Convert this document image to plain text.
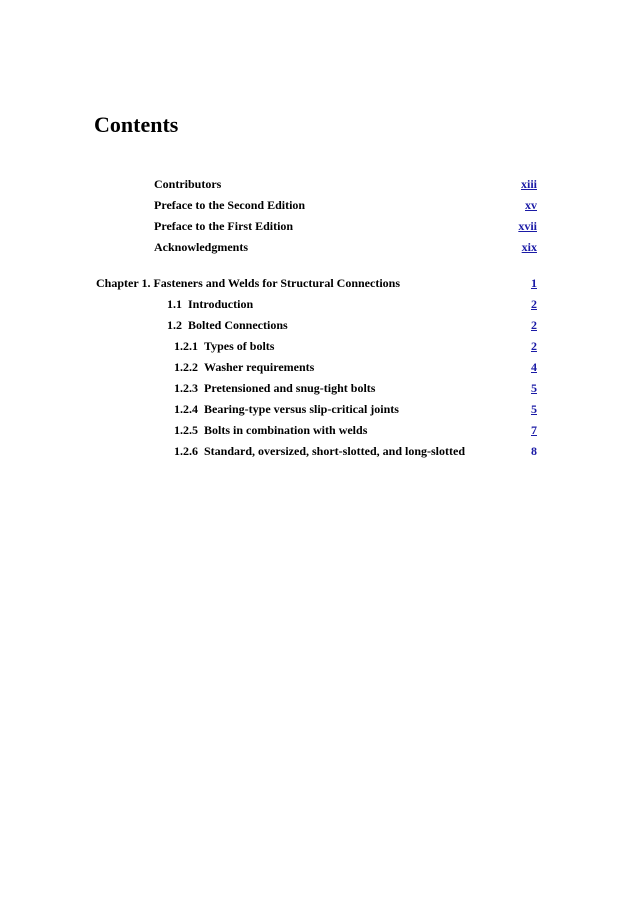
Contents
Contributors	xiii
Preface to the Second Edition	xv
Preface to the First Edition	xvii
Acknowledgments	xix
Chapter 1. Fasteners and Welds for Structural Connections	1
1.1 Introduction	2
1.2 Bolted Connections	2
1.2.1 Types of bolts	2
1.2.2 Washer requirements	4
1.2.3 Pretensioned and snug-tight bolts	5
1.2.4 Bearing-type versus slip-critical joints	5
1.2.5 Bolts in combination with welds	7
1.2.6 Standard, oversized, short-slotted, and long-slotted	8
